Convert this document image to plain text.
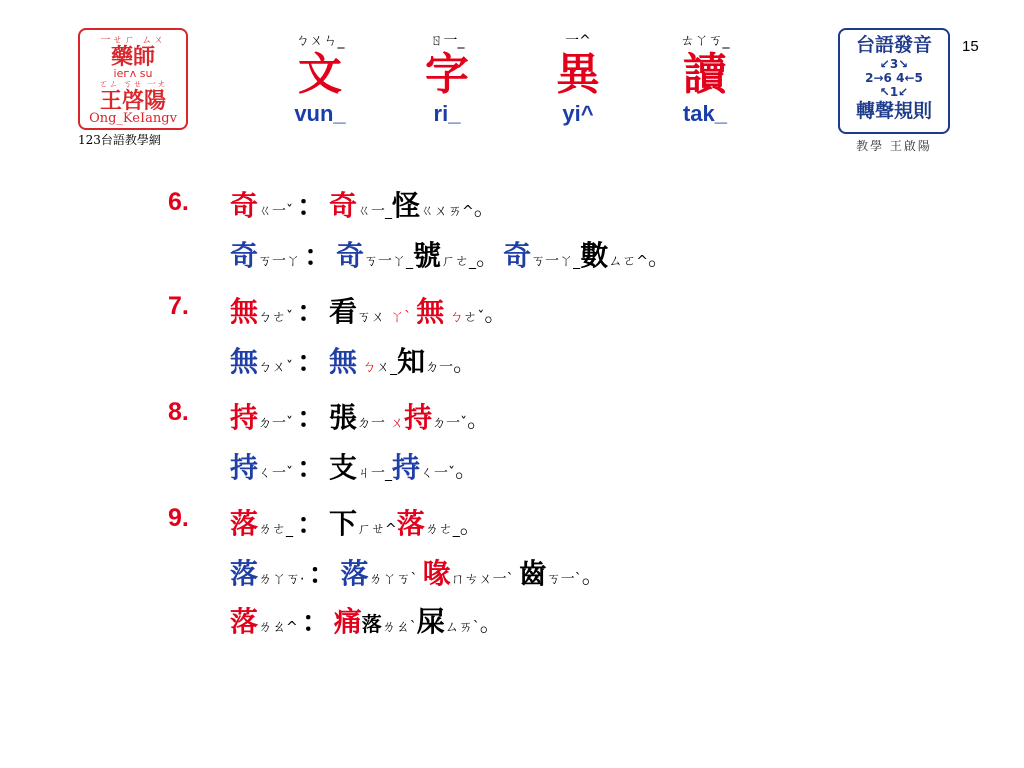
一ㄝㄏ ㄙㄨ
藥師
ieᴦᴧ su
ㄛㄥ ㄎㄝ 一ㄤ
王啓陽
Ong_KeIangv
123台語教學網
ㄅㄨㄣ_
文
vun_
ㄖ一_
字
ri_
一^
異
yi^
ㄊㄚㄎ_
讀
tak_
台語發音
↙3↘
2→6 4←5
↖1↙
轉聲規則
教學 王啟陽
15
6. 奇ㄍ一ˇ ： 奇ㄍ一_怪ㄍㄨㄞ^。
奇ㄎ一ㄚ ： 奇ㄎ一ㄚ_號ㄏㄜ_。 奇ㄎ一ㄚ_數ㄙㄛ^。
7. 無ㄅㄜˇ ： 看ㄎㄨ ㄚ` 無 ㄅㄜˇ。
無ㄅㄨˇ ： 無 ㄅㄨ_知ㄉ一。
8. 持ㄉ一ˇ ： 張ㄉ一 ㄨ持ㄉ一ˇ。
持ㄑ一ˇ ： 支ㄐ一_持ㄑ一ˇ。
9. 落ㄌㄜ_ ： 下ㄏㄝ^落ㄌㄜ_。
落ㄌㄚㄎ· ： 落ㄌㄚㄎ` 喙ㄇㄘㄨ一` 齒ㄎ一`。
落ㄌㄠ^ ： 痛落ㄌㄠ`屎ㄙㄞ`。
